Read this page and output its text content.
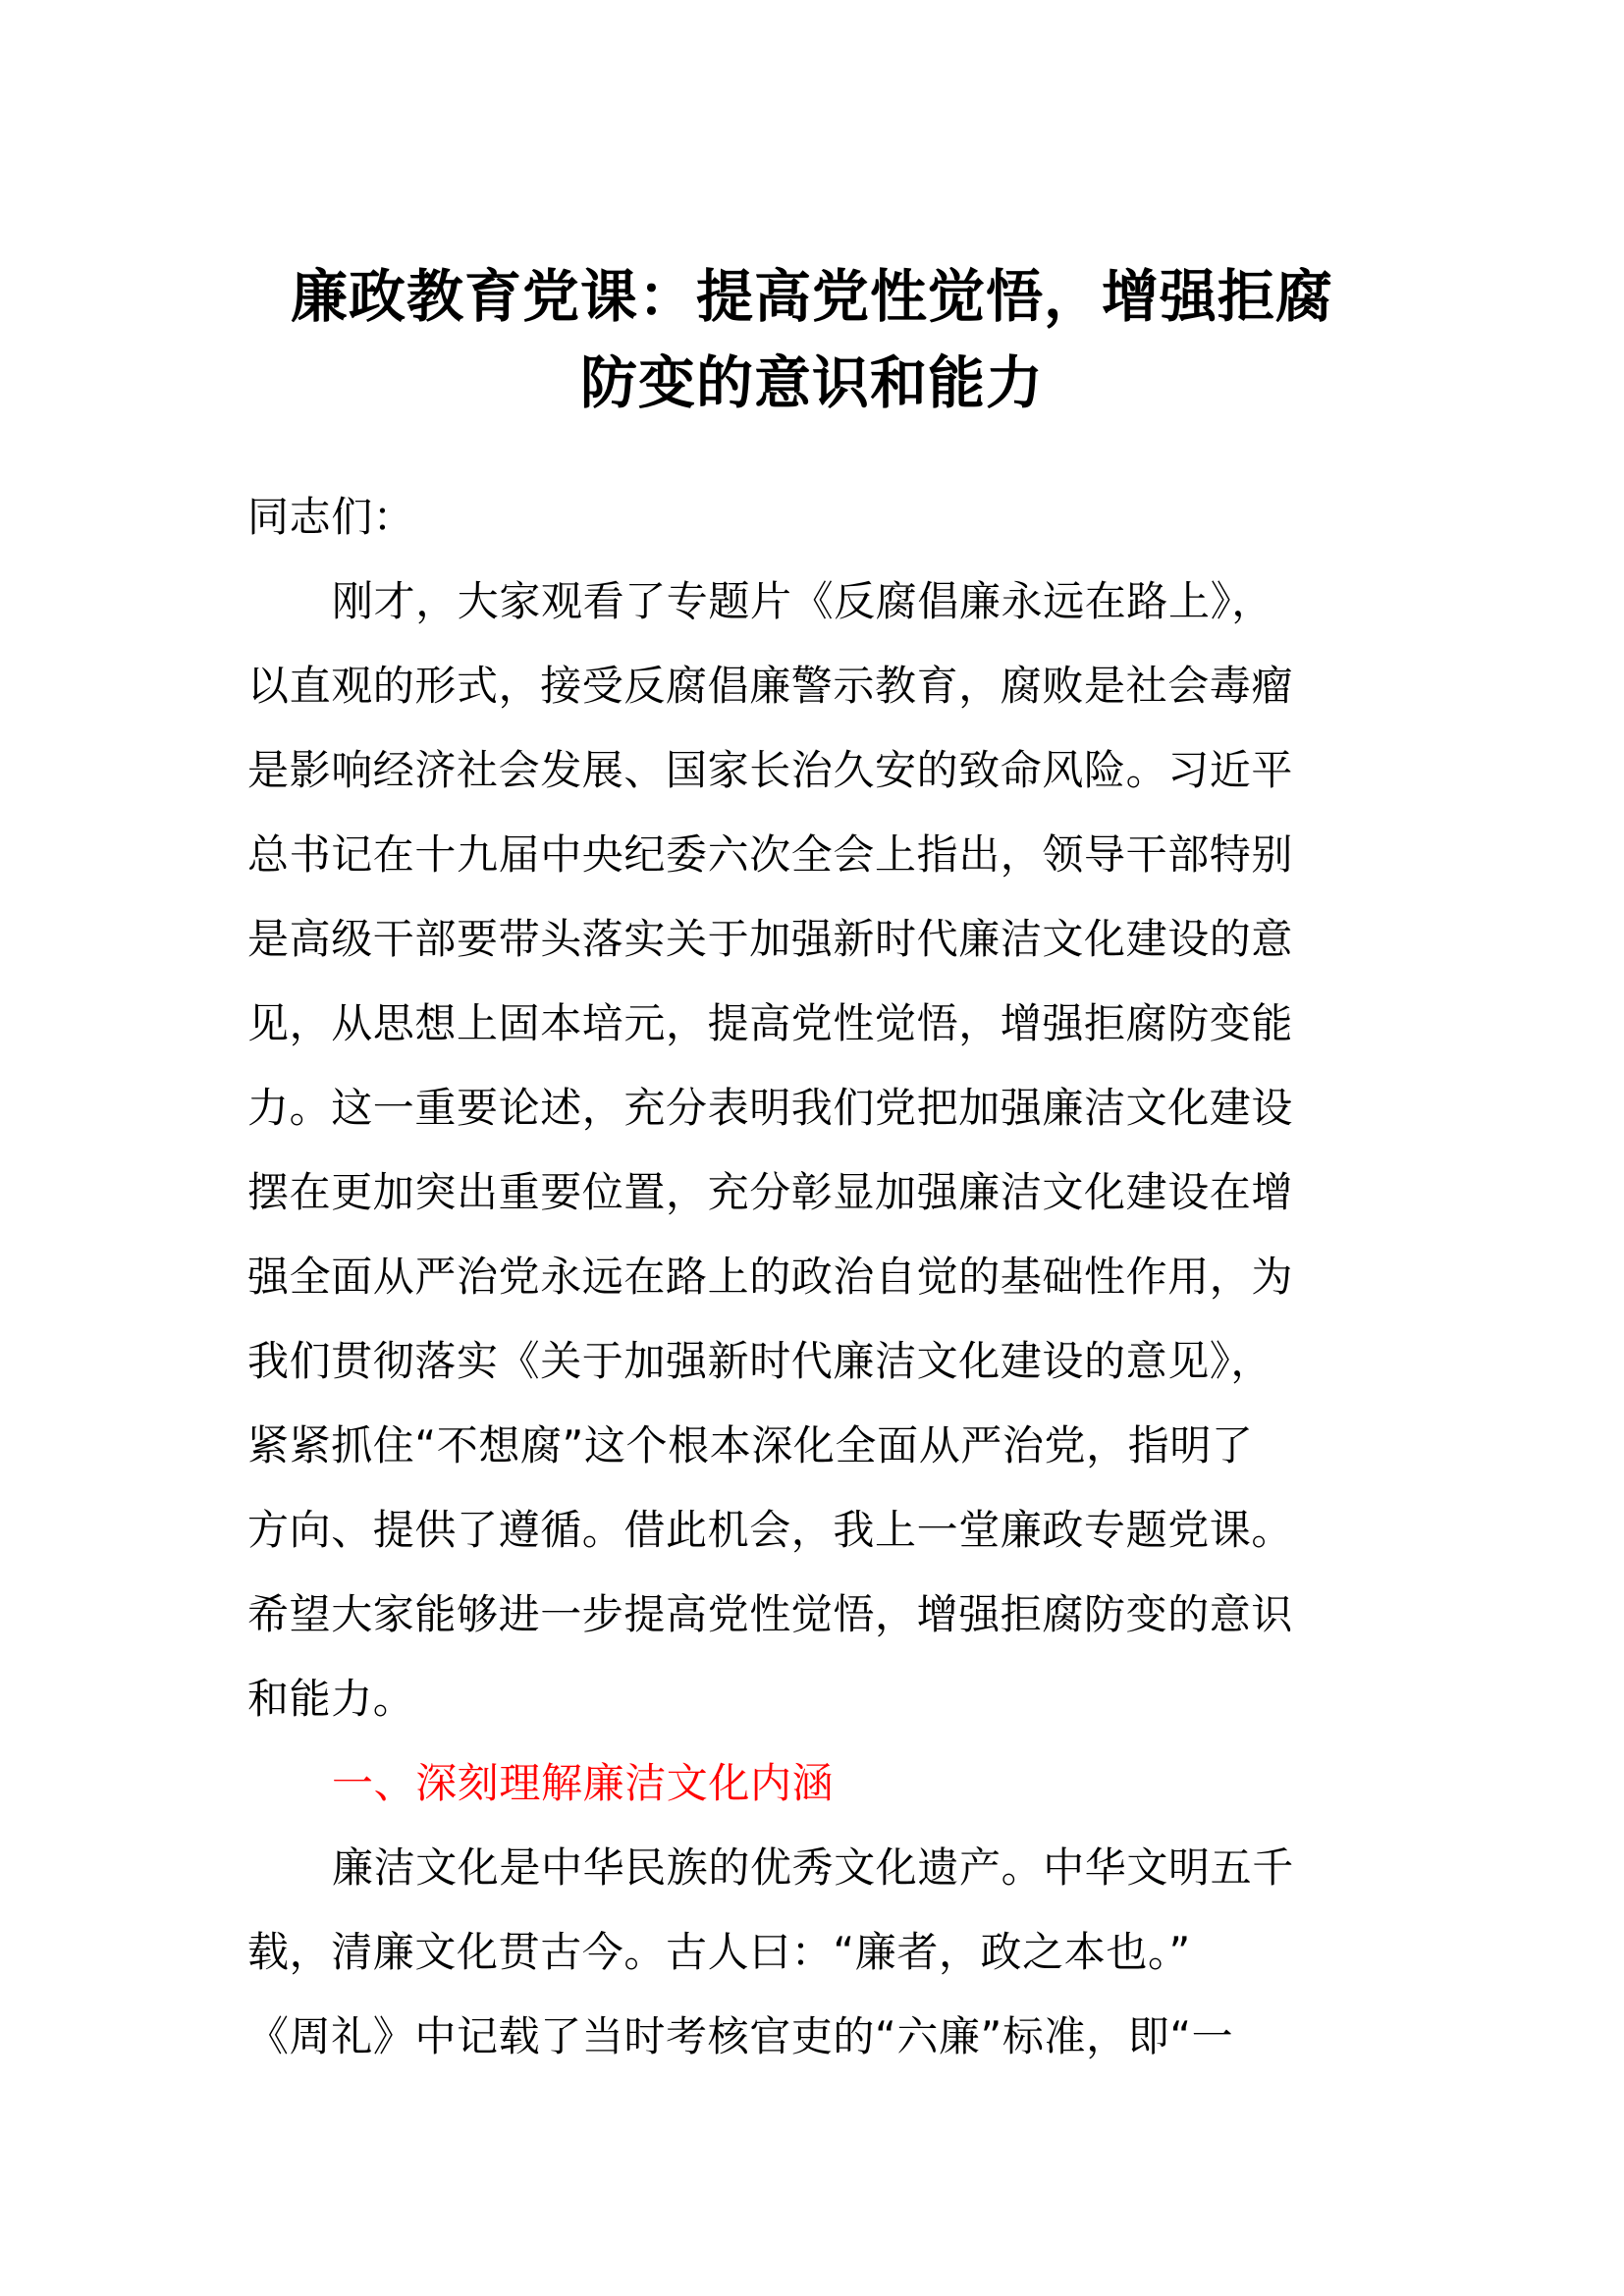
廉政教育党课：提高党性觉悟，增强拒腐
防变的意识和能力
同志们：
刚才，大家观看了专题片《反腐倡廉永远在路上》，
以直观的形式，接受反腐倡廉警示教育，腐败是社会毒瘤
是影响经济社会发展、国家长治久安的致命风险。习近平
总书记在十九届中央纪委六次全会上指出，领导干部特别
是高级干部要带头落实关于加强新时代廉洁文化建设的意
见，从思想上固本培元，提高党性觉悟，增强拒腐防变能
力。这一重要论述，充分表明我们党把加强廉洁文化建设
摆在更加突出重要位置，充分彰显加强廉洁文化建设在增
强全面从严治党永远在路上的政治自觉的基础性作用，为
我们贯彻落实《关于加强新时代廉洁文化建设的意见》，
紧紧抓住“不想腐”这个根本深化全面从严治党，指明了
方向、提供了遵循。借此机会，我上一堂廉政专题党课。
希望大家能够进一步提高党性觉悟，增强拒腐防变的意识
和能力。
一、深刻理解廉洁文化内涵
廉洁文化是中华民族的优秀文化遗产。中华文明五千
载，清廉文化贯古今。古人曰：“廉者，政之本也。”
《周礼》中记载了当时考核官吏的“六廉”标准，即“一
